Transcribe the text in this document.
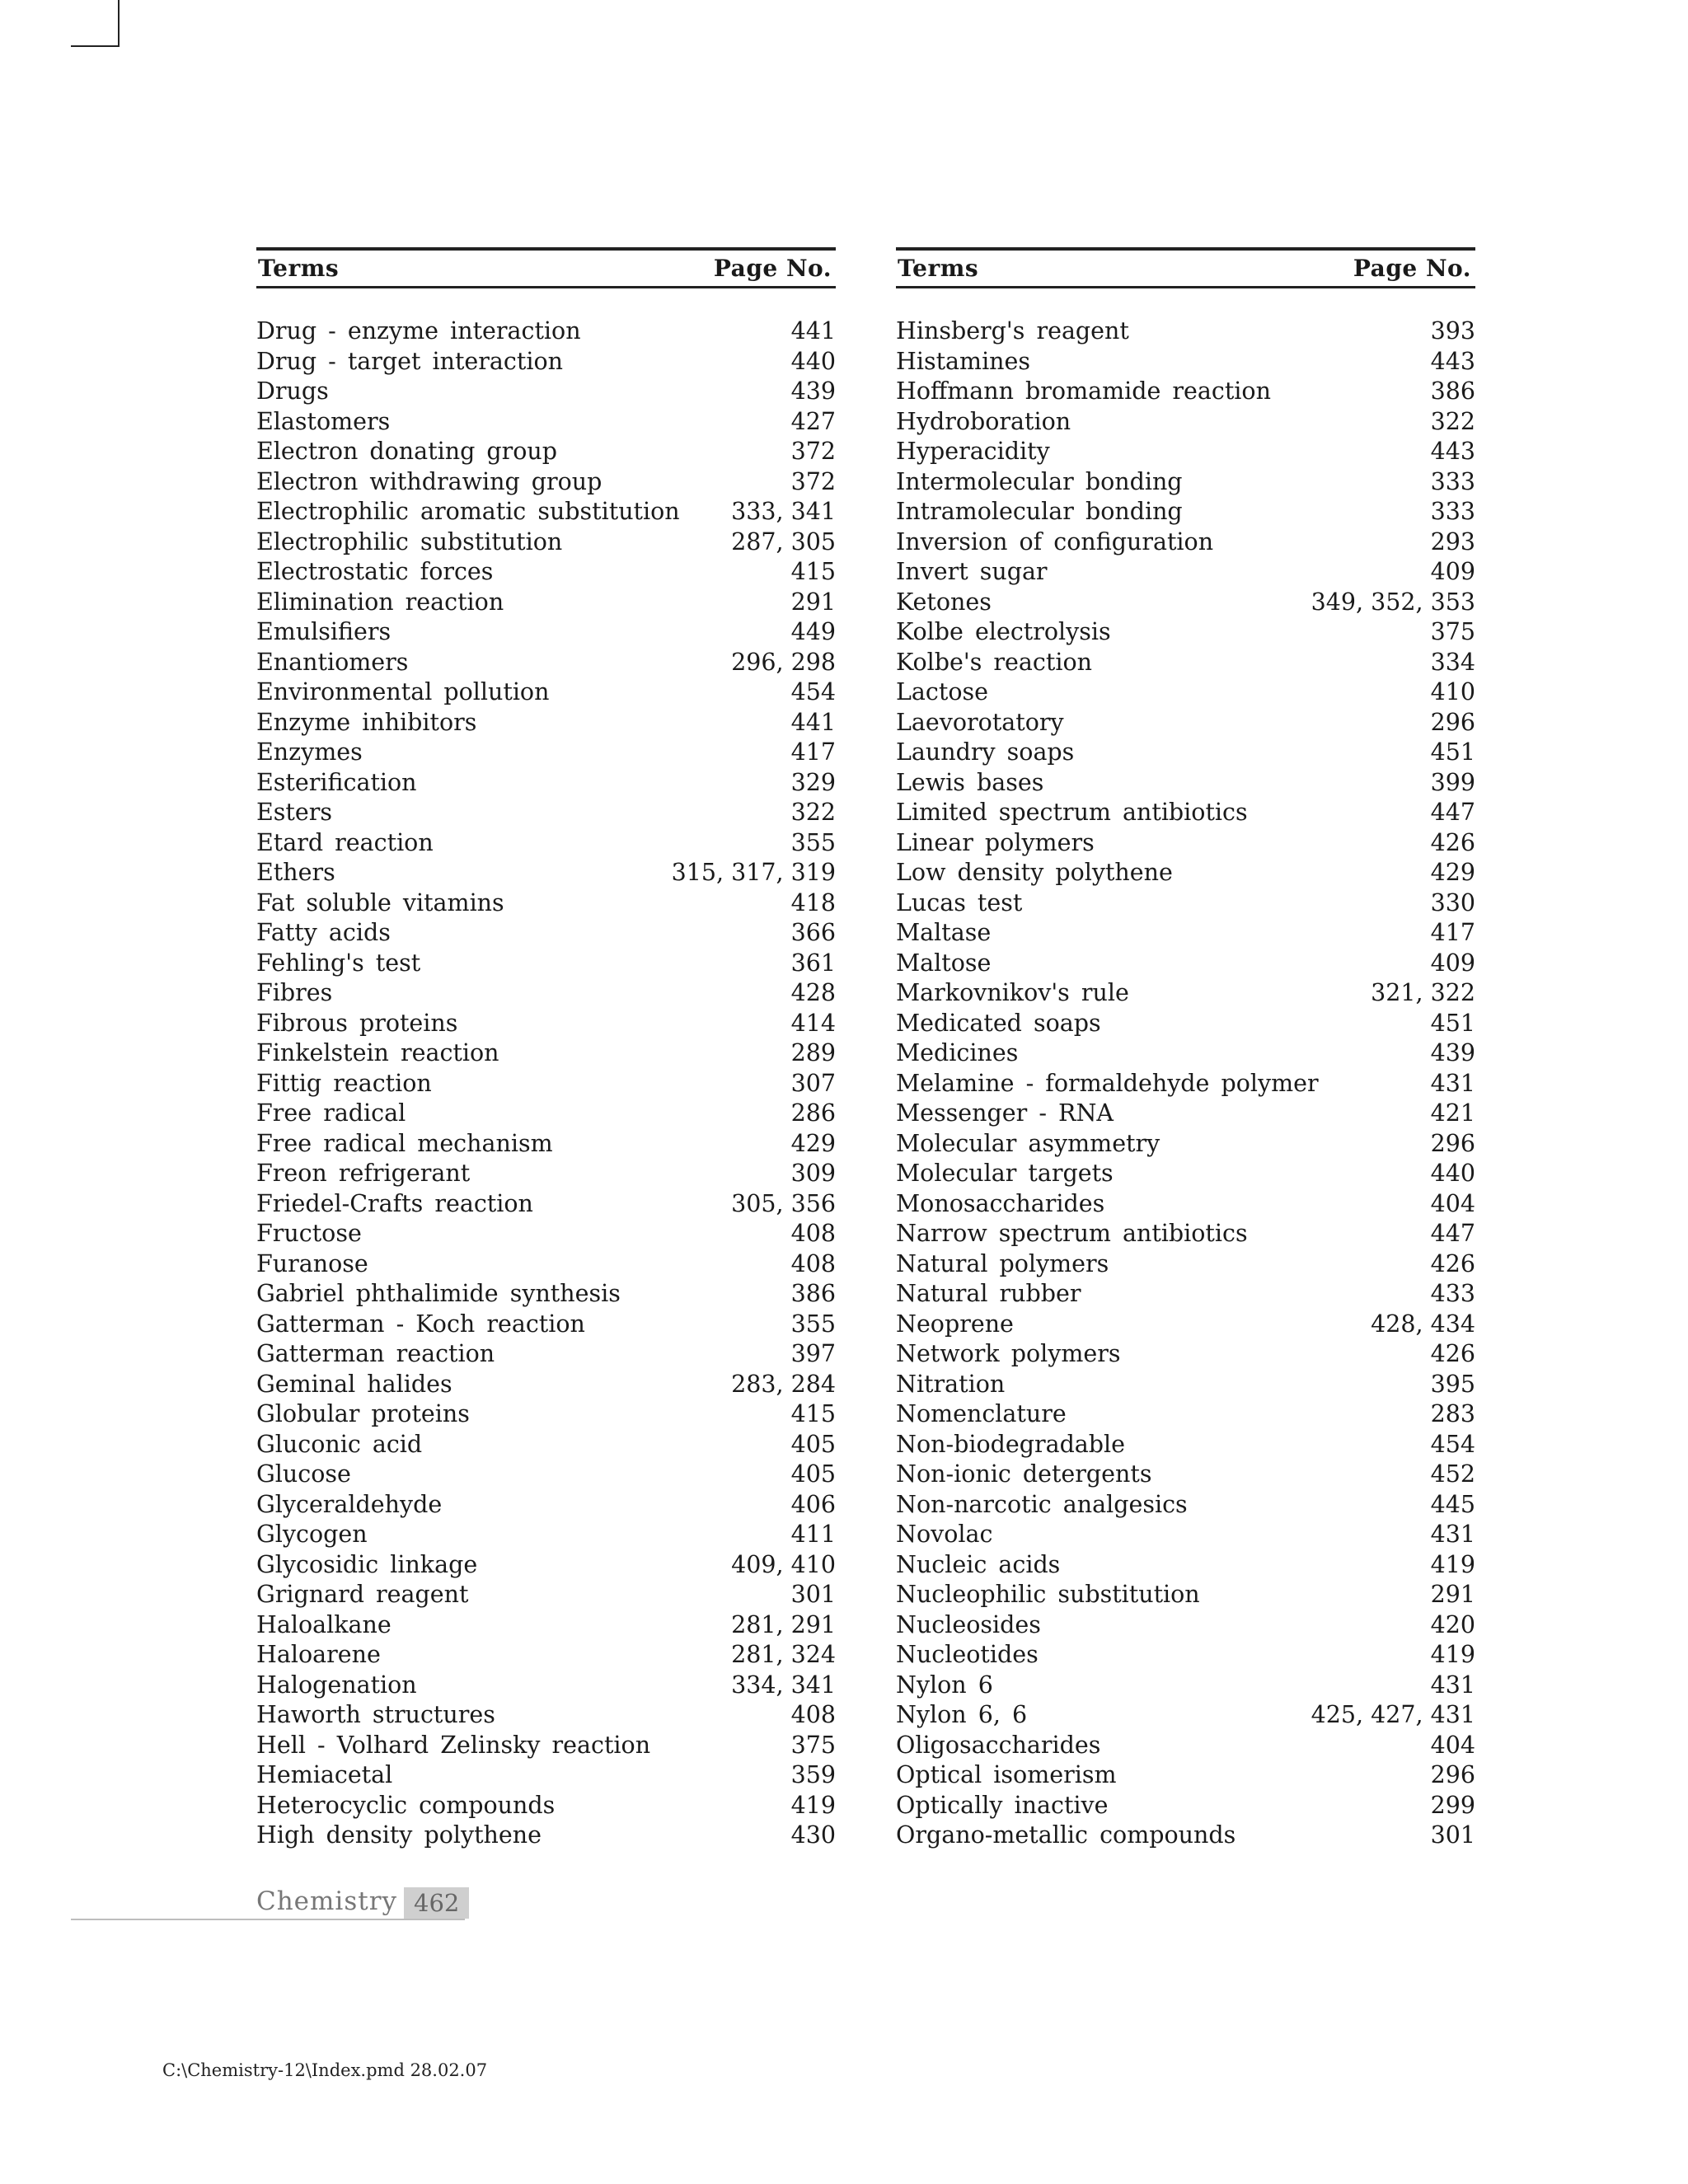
Terms	Page No.
Drug - enzyme interaction	441
Drug - target interaction	440
Drugs	439
Elastomers	427
Electron donating group	372
Electron withdrawing group	372
Electrophilic aromatic substitution 333, 341
Electrophilic substitution	287, 305
Electrostatic forces	415
Elimination reaction	291
Emulsifiers	449
Enantiomers	296, 298
Environmental pollution	454
Enzyme inhibitors	441
Enzymes	417
Esterification	329
Esters	322
Etard reaction	355
Ethers	315, 317, 319
Fat soluble vitamins	418
Fatty acids	366
Fehling's test	361
Fibres	428
Fibrous proteins	414
Finkelstein reaction	289
Fittig reaction	307
Free radical	286
Free radical mechanism	429
Freon refrigerant	309
Friedel-Crafts reaction	305, 356
Fructose	408
Furanose	408
Gabriel phthalimide synthesis	386
Gatterman - Koch reaction	355
Gatterman reaction	397
Geminal halides	283, 284
Globular proteins	415
Gluconic acid	405
Glucose	405
Glyceraldehyde	406
Glycogen	411
Glycosidic linkage	409, 410
Grignard reagent	301
Haloalkane	281, 291
Haloarene	281, 324
Halogenation	334, 341
Haworth structures	408
Hell - Volhard Zelinsky reaction	375
Hemiacetal	359
Heterocyclic compounds	419
High density polythene	430
Terms	Page No.
Hinsberg's reagent	393
Histamines	443
Hoffmann bromamide reaction	386
Hydroboration	322
Hyperacidity	443
Intermolecular bonding	333
Intramolecular bonding	333
Inversion of configuration	293
Invert sugar	409
Ketones	349, 352, 353
Kolbe electrolysis	375
Kolbe's reaction	334
Lactose	410
Laevorotatory	296
Laundry soaps	451
Lewis bases	399
Limited spectrum antibiotics	447
Linear polymers	426
Low density polythene	429
Lucas test	330
Maltase	417
Maltose	409
Markovnikov's rule	321, 322
Medicated soaps	451
Medicines	439
Melamine - formaldehyde polymer	431
Messenger - RNA	421
Molecular asymmetry	296
Molecular targets	440
Monosaccharides	404
Narrow spectrum antibiotics	447
Natural polymers	426
Natural rubber	433
Neoprene	428, 434
Network polymers	426
Nitration	395
Nomenclature	283
Non-biodegradable	454
Non-ionic detergents	452
Non-narcotic analgesics	445
Novolac	431
Nucleic acids	419
Nucleophilic substitution	291
Nucleosides	420
Nucleotides	419
Nylon 6	431
Nylon 6, 6	425, 427, 431
Oligosaccharides	404
Optical isomerism	296
Optically inactive	299
Organo-metallic compounds	301
Chemistry 462
C:\Chemistry-12\Index.pmd 28.02.07
